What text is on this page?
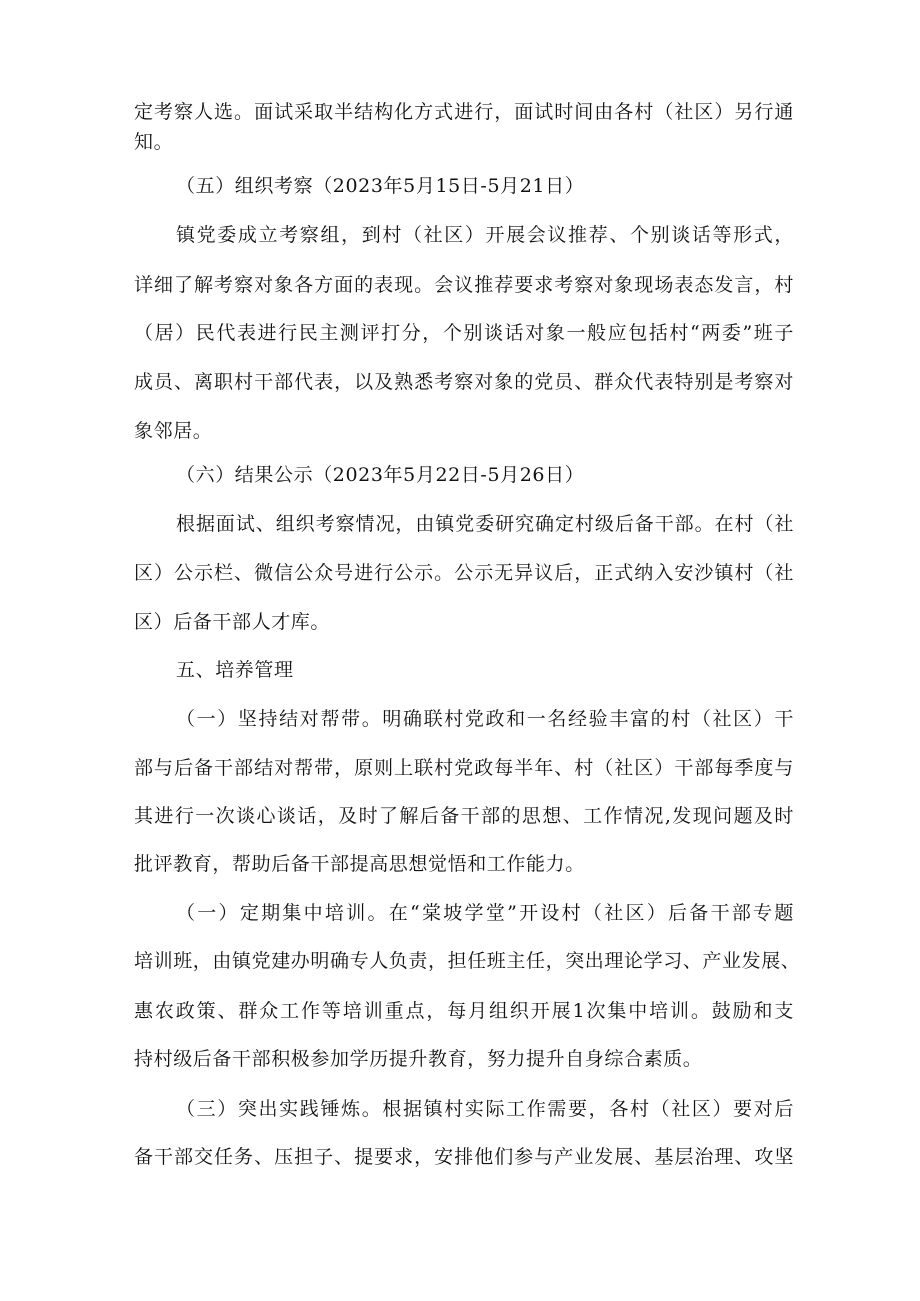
定考察人选。面试采取半结构化方式进行，面试时间由各村（社区）另行通
知。
（五）组织考察（2023年5月15日-5月21日）
镇党委成立考察组，到村（社区）开展会议推荐、个别谈话等形式，
详细了解考察对象各方面的表现。会议推荐要求考察对象现场表态发言，村
（居）民代表进行民主测评打分，个别谈话对象一般应包括村“两委”班子
成员、离职村干部代表，以及熟悉考察对象的党员、群众代表特别是考察对
象邻居。
（六）结果公示（2023年5月22日-5月26日）
根据面试、组织考察情况，由镇党委研究确定村级后备干部。在村（社
区）公示栏、微信公众号进行公示。公示无异议后，正式纳入安沙镇村（社
区）后备干部人才库。
五、培养管理
（一）坚持结对帮带。明确联村党政和一名经验丰富的村（社区）干
部与后备干部结对帮带，原则上联村党政每半年、村（社区）干部每季度与
其进行一次谈心谈话，及时了解后备干部的思想、工作情况,发现问题及时
批评教育，帮助后备干部提高思想觉悟和工作能力。
（一）定期集中培训。在“棠坡学堂”开设村（社区）后备干部专题
培训班，由镇党建办明确专人负责，担任班主任，突出理论学习、产业发展、
惠农政策、群众工作等培训重点，每月组织开展1次集中培训。鼓励和支
持村级后备干部积极参加学历提升教育，努力提升自身综合素质。
（三）突出实践锤炼。根据镇村实际工作需要，各村（社区）要对后
备干部交任务、压担子、提要求，安排他们参与产业发展、基层治理、攻坚
